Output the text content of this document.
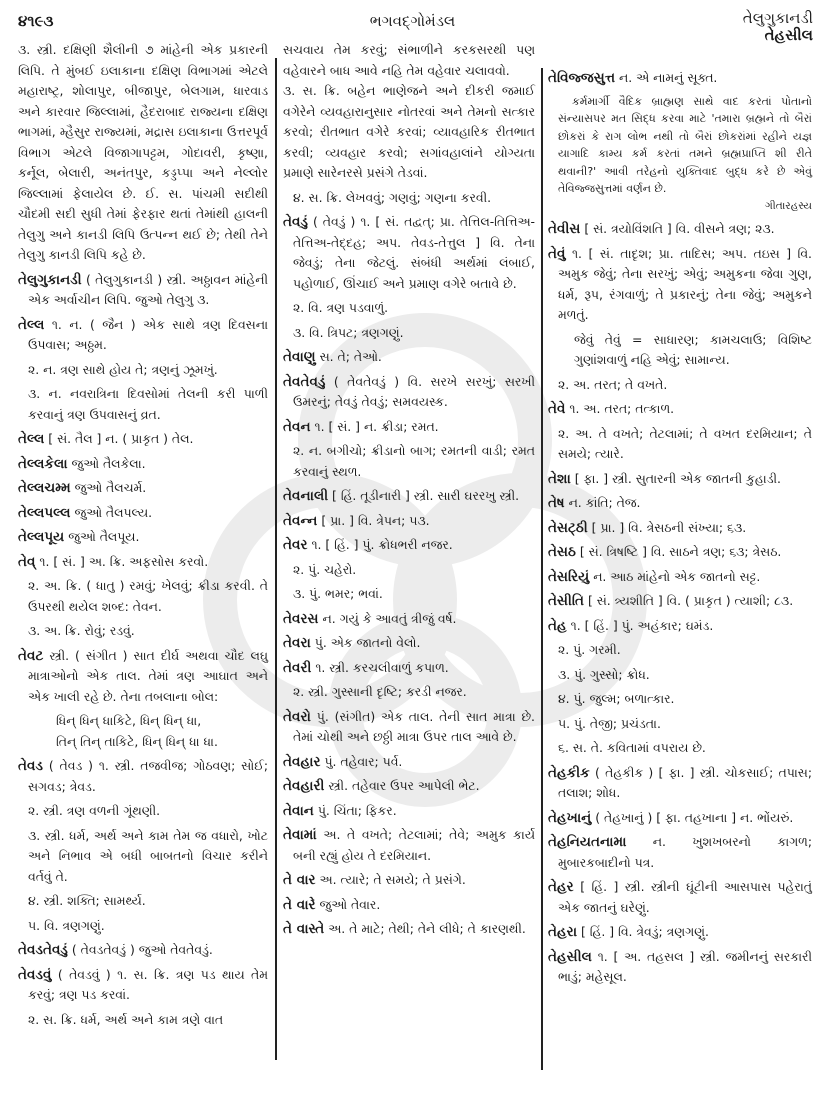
૪૧૯૩	ભગવદ્ગોમંડલ	તેલુગુકાનડી
તેહસીલ

૩. સ્ત્રી. દક્ષિણી શૈલીની ૭ માંહેની એક પ્રકારની લિપિ. તે મુંબઈ ઇલાકાના દક્ષિણ વિભાગમાં એટલે મહારાષ્ટ્ર, શોલાપુર, બીજાપુર, બેલગામ, ધારવાડ અને કારવાર જિલ્લામાં, હૈદરાબાદ રાજ્યના દક્ષિણ ભાગમાં, મ્હૈસુર રાજ્યમાં, મદ્રાસ ઇલાકાના ઉત્તરપૂર્વ વિભાગ એટલે વિજાગાપટ્ટમ, ગોદાવરી, કૃષ્ણા, કર્નૂલ, બેલારી, અનંતપુર, કડ્ડપ્પા અને નેલ્લોર જિલ્લામાં ફેલાયેલ છે. ઈ. સ. પાંચમી સદીથી ચૌદમી સદી સુધી તેમાં ફેરફાર થતાં તેમાંથી હાલની તેલુગુ અને કાનડી લિપિ ઉત્પન્ન થઈ છે; તેથી તેને તેલુગુ કાનડી લિપિ કહે છે.

તેલુગુકાનડી ( તેલુગુકાનડી ) સ્ત્રી. અઠ્ઠાવન માંહેની એક અર્વાચીન લિપિ. જુઓ તેલુગુ ૩.

તેલ્લ ૧. ન. ( જૈન ) એક સાથે ત્રણ દિવસના ઉપવાસ; અઠ્ઠમ.

૨. ન. ત્રણ સાથે હોય તે; ત્રણનું ઝૂમખું.

૩. ન. નવરાત્રિના દિવસોમાં તેલની કરી પાળી કરવાનું ત્રણ ઉપવાસનું વ્રત.

તેલ્લ [ સં. તૈલ ] ન. ( પ્રાકૃત ) તેલ.

તેલ્લકેલા જુઓ તૈલકેલા.

તેલ્લચમ્મ જુઓ તૈલચર્મ.

તેલ્લપલ્લ જુઓ તૈલપલ્ય.

તેલ્લપૂય જુઓ તૈલપૂય.

તેવ્ ૧. [ સં. ] અ. ક્રિ. અફસોસ કરવો.

૨. અ. ક્રિ. ( ધાતુ ) રમવું; ખેલવું; ક્રીડા કરવી. તે ઉપરથી થયેલ શબ્દ: તેવન.

૩. અ. ક્રિ. રોવું; રડવું.

તેવટ સ્ત્રી. ( સંગીત ) સાત દીર્ઘ અથવા ચૌદ લઘુ માત્રાઓનો એક તાલ. તેમાં ત્રણ આઘાત અને એક ખાલી રહે છે. તેના તબલાના બોલ:

ધિન્ ધિન્ ધાકિટે, ધિન્ ધિન્ ધા,

તિન્ તિન્ તાકિટે, ધિન્ ધિન્ ધા ધા.

તેવડ ( તેવડ ) ૧. સ્ત્રી. તજવીજ; ગોઠવણ; સોઈ; સગવડ; ત્રેવડ.

૨. સ્ત્રી. ત્રણ વળની ગૂંથણી.

૩. સ્ત્રી. ધર્મ, અર્થ અને કામ તેમ જ વધારો, ખોટ અને નિભાવ એ બધી બાબતનો વિચાર કરીને વર્તવું તે.

૪. સ્ત્રી. શક્તિ; સામર્થ્ય.

૫. વિ. ત્રણગણું.

તેવડતેવડું ( તેવડતેવડું ) જુઓ તેવતેવડું.

તેવડવું ( તેવડવું ) ૧. સ. ક્રિ. ત્રણ પડ થાય તેમ કરવું; ત્રણ પડ કરવાં.

૨. સ. ક્રિ. ધર્મ, અર્થ અને કામ ત્રણે વાત

સચવાય તેમ કરવું; સંભાળીને કરકસરથી પણ વહેવારને બાધ આવે નહિ તેમ વહેવાર ચલાવવો.

૩. સ. ક્રિ. બહેન ભાણેજને અને દીકરી જમાઈ વગેરેને વ્યવહારાનુસાર નોતરવાં અને તેમનો સત્કાર કરવો; રીતભાત વગેરે કરવાં; વ્યાવહારિક રીતભાત કરવી; વ્યવહાર કરવો; સગાંવહાલાંને યોગ્યતા પ્રમાણે સારેનરસે પ્રસંગે તેડવાં.

૪. સ. ક્રિ. લેખવવું; ગણવું; ગણના કરવી.

તેવડું ( તેવડું ) ૧. [ સં. તદ્વત્; પ્રા. તેત્તિલ-તિત્તિઅ-તેત્તિઅ-તેદ્દહ; અપ. તેવડ-તેત્તુલ ] વિ. તેના જેવડું; તેના જેટલું. સંબંધી અર્થમાં લંબાઈ, પહોળાઈ, ઊંચાઈ અને પ્રમાણ વગેરે બતાવે છે.

૨. વિ. ત્રણ પડવાળું.

૩. વિ. ત્રિપટ; ત્રણગણું.

તેવાણુ સ. તે; તેઓ.

તેવતેવડું ( તેવતેવડું ) વિ. સરખે સરખું; સરખી ઉમરનું; તેવડું તેવડું; સમવયસ્ક.

તેવન ૧. [ સં. ] ન. ક્રીડા; રમત.

૨. ન. બગીચો; ક્રીડાનો બાગ; રમતની વાડી; રમત કરવાનું સ્થળ.

તેવનાલી [ હિં. તૂડીનારી ] સ્ત્રી. સારી ઘરરખુ સ્ત્રી.

તેવન્ન [ પ્રા. ] વિ. ત્રેપન; ૫૩.

તેવર ૧. [ હિં. ] પું. ક્રોધભરી નજર.

૨. પું. ચહેરો.

૩. પું. ભમર; ભવાં.

તેવરસ ન. ગયું કે આવતું ત્રીજું વર્ષ.

તેવરા પું. એક જાતનો વેલો.

તેવરી ૧. સ્ત્રી. કરચલીવાળું કપાળ.

૨. સ્ત્રી. ગુસ્સાની દૃષ્ટિ; કરડી નજર.

તેવરો પું. (સંગીત) એક તાલ. તેની સાત માત્રા છે. તેમાં ચોથી અને છઠ્ઠી માત્રા ઉપર તાલ આવે છે.

તેવહાર પું. તહેવાર; પર્વ.

તેવહારી સ્ત્રી. તહેવાર ઉપર આપેલી ભેટ.

તેવાન પું. ચિંતા; ફિકર.

તેવામાં અ. તે વખતે; તેટલામાં; તેવે; અમુક કાર્ય બની રહ્યું હોય તે દરમિયાન.

તે વાર અ. ત્યારે; તે સમયે; તે પ્રસંગે.

તે વારે જુઓ તેવાર.

તે વાસ્તે અ. તે માટે; તેથી; તેને લીધે; તે કારણથી.

તેવિજ્જસુત્ત ન. એ નામનું સૂક્ત.

કર્મમાર્ગી વૈદિક બ્રાહ્મણ સાથે વાદ કરતાં પોતાનો સંન્યાસપર મત સિદ્ધ કરવા માટે 'તમારા બ્રહ્મને તો બૈરાં છોકરાં કે રાગ લોભ નથી તો બૈરાં છોકરાંમાં રહીને યજ્ઞ યાગાદિ કામ્ય કર્મ કરતાં તમને બ્રહ્મપ્રાપ્તિ શી રીતે થવાની?' આવી તરેહનો યુક્તિવાદ બુદ્ધ કરે છે એવું તેવિજ્જસુત્તમાં વર્ણન છે.
ગીતારહસ્ય

તેવીસ [ સં. ત્રયોવિંશતિ ] વિ. વીસને ત્રણ; ૨૩.

તેવું ૧. [ સં. તાદૃશ; પ્રા. તાદિસ; અપ. તઇસ ] વિ. અમુક જેવું; તેના સરખું; એવું; અમુકના જેવા ગુણ, ધર્મ, રૂપ, રંગવાળું; તે પ્રકારનું; તેના જેવું; અમુકને મળતું.

જેવું તેવું = સાધારણ; કામચલાઉ; વિશિષ્ટ ગુણાંશવાળું નહિ એવું; સામાન્ય.

૨. અ. તરત; તે વખતે.

તેવે ૧. અ. તરત; તત્કાળ.

૨. અ. તે વખતે; તેટલામાં; તે વખત દરમિયાન; તે સમયે; ત્યારે.

તેશા [ ફા. ] સ્ત્રી. સુતારની એક જાતની કુહાડી.

તેષ ન. કાંતિ; તેજ.

તેસટ્ઠી [ પ્રા. ] વિ. ત્રેસઠની સંખ્યા; ૬૩.

તેસઠ [ સં. ત્રિષષ્ટિ ] વિ. સાઠને ત્રણ; ૬૩; ત્રેસઠ.

તેસરિયું ન. આઠ માંહેનો એક જાતનો સટ્ટ.

તેસીતિ [ સં. ત્ર્યશીતિ ] વિ. ( પ્રાકૃત ) ત્યાશી; ૮૩.

તેહ ૧. [ હિં. ] પું. અહંકાર; ઘમંડ.

૨. પું. ગરમી.

૩. પું. ગુસ્સો; ક્રોધ.

૪. પું. જુલ્મ; બળાત્કાર.

૫. પું. તેજી; પ્રચંડતા.

૬. સ. તે. કવિતામાં વપરાય છે.

તેહકીક ( તેહકીક ) [ ફા. ] સ્ત્રી. ચોકસાઈ; તપાસ; તલાશ; શોધ.

તેહખાનું ( તેહખાનું ) [ ફા. તહખાના ] ન. ભોંયરું.

તેહનિયતનામા ન. ખુશખબરનો કાગળ; મુબારકબાદીનો પત્ર.

તેહર [ હિં. ] સ્ત્રી. સ્ત્રીની ઘૂંટીની આસપાસ પહેરાતું એક જાતનું ઘરેણું.

તેહરા [ હિં. ] વિ. ત્રેવડું; ત્રણગણું.

તેહસીલ ૧. [ અ. તહસલ ] સ્ત્રી. જમીનનું સરકારી ભાડું; મહેસૂલ.
